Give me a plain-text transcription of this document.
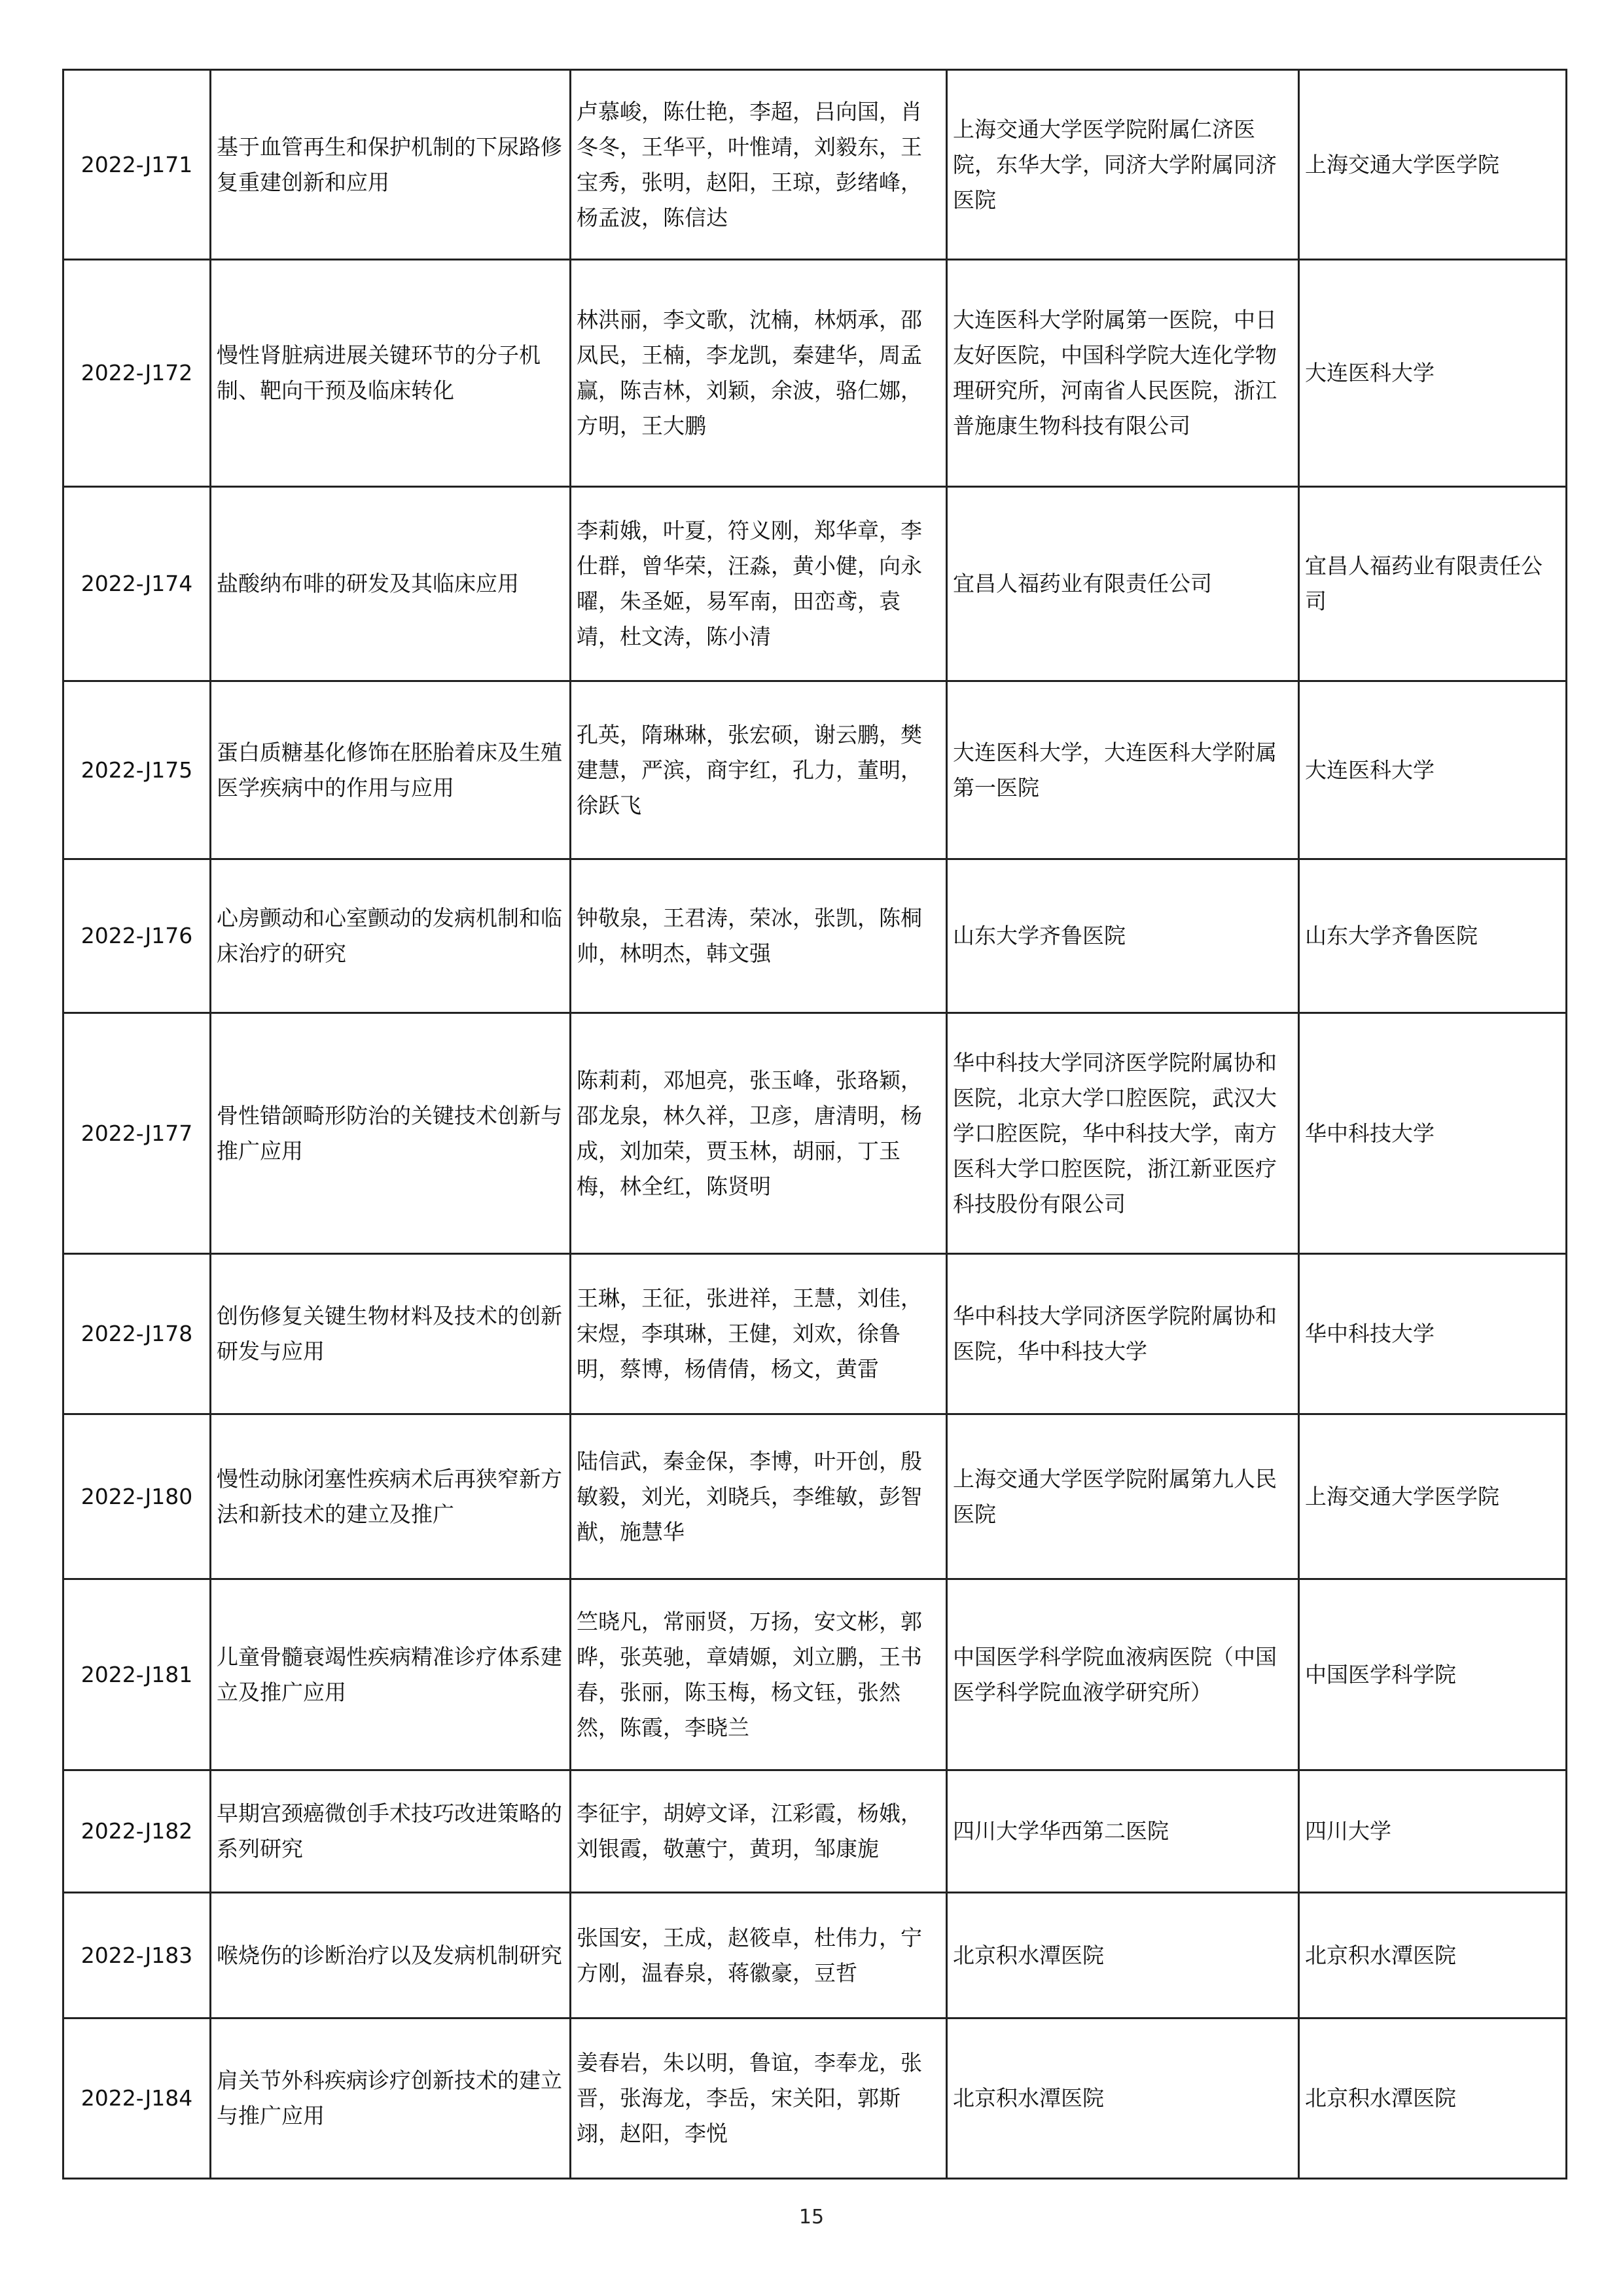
2022-J171	基于血管再生和保护机制的下尿路修复重建创新和应用	卢慕峻，陈仕艳，李超，吕向国，肖冬冬，王华平，叶惟靖，刘毅东，王宝秀，张明，赵阳，王琼，彭绪峰，杨孟波，陈信达	上海交通大学医学院附属仁济医院，东华大学，同济大学附属同济医院	上海交通大学医学院
2022-J172	慢性肾脏病进展关键环节的分子机制、靶向干预及临床转化	林洪丽，李文歌，沈楠，林炳承，邵凤民，王楠，李龙凯，秦建华，周孟赢，陈吉林，刘颖，余波，骆仁娜，方明，王大鹏	大连医科大学附属第一医院，中日友好医院，中国科学院大连化学物理研究所，河南省人民医院，浙江普施康生物科技有限公司	大连医科大学
2022-J174	盐酸纳布啡的研发及其临床应用	李莉娥，叶夏，符义刚，郑华章，李仕群，曾华荣，汪淼，黄小健，向永曜，朱圣姬，易军南，田峦鸢，袁靖，杜文涛，陈小清	宜昌人福药业有限责任公司	宜昌人福药业有限责任公司
2022-J175	蛋白质糖基化修饰在胚胎着床及生殖医学疾病中的作用与应用	孔英，隋琳琳，张宏硕，谢云鹏，樊建慧，严滨，商宇红，孔力，董明，徐跃飞	大连医科大学，大连医科大学附属第一医院	大连医科大学
2022-J176	心房颤动和心室颤动的发病机制和临床治疗的研究	钟敬泉，王君涛，荣冰，张凯，陈桐帅，林明杰，韩文强	山东大学齐鲁医院	山东大学齐鲁医院
2022-J177	骨性错颌畸形防治的关键技术创新与推广应用	陈莉莉，邓旭亮，张玉峰，张珞颖，邵龙泉，林久祥，卫彦，唐清明，杨成，刘加荣，贾玉林，胡丽，丁玉梅，林全红，陈贤明	华中科技大学同济医学院附属协和医院，北京大学口腔医院，武汉大学口腔医院，华中科技大学，南方医科大学口腔医院，浙江新亚医疗科技股份有限公司	华中科技大学
2022-J178	创伤修复关键生物材料及技术的创新研发与应用	王琳，王征，张进祥，王慧，刘佳，宋煜，李琪琳，王健，刘欢，徐鲁明，蔡博，杨倩倩，杨文，黄雷	华中科技大学同济医学院附属协和医院，华中科技大学	华中科技大学
2022-J180	慢性动脉闭塞性疾病术后再狭窄新方法和新技术的建立及推广	陆信武，秦金保，李博，叶开创，殷敏毅，刘光，刘晓兵，李维敏，彭智猷，施慧华	上海交通大学医学院附属第九人民医院	上海交通大学医学院
2022-J181	儿童骨髓衰竭性疾病精准诊疗体系建立及推广应用	竺晓凡，常丽贤，万扬，安文彬，郭晔，张英驰，章婧嫄，刘立鹏，王书春，张丽，陈玉梅，杨文钰，张然然，陈霞，李晓兰	中国医学科学院血液病医院（中国医学科学院血液学研究所）	中国医学科学院
2022-J182	早期宫颈癌微创手术技巧改进策略的系列研究	李征宇，胡婷文译，江彩霞，杨娥，刘银霞，敬蕙宁，黄玥，邹康旎	四川大学华西第二医院	四川大学
2022-J183	喉烧伤的诊断治疗以及发病机制研究	张国安，王成，赵筱卓，杜伟力，宁方刚，温春泉，蒋徽豪，豆哲	北京积水潭医院	北京积水潭医院
2022-J184	肩关节外科疾病诊疗创新技术的建立与推广应用	姜春岩，朱以明，鲁谊，李奉龙，张晋，张海龙，李岳，宋关阳，郭斯翊，赵阳，李悦	北京积水潭医院	北京积水潭医院
15
